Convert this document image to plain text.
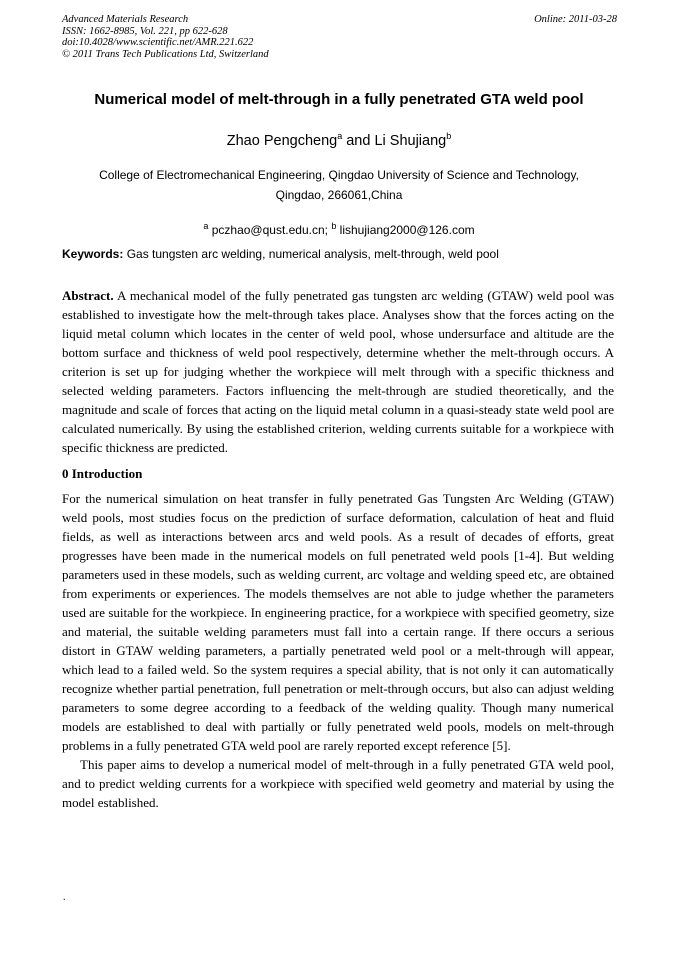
Advanced Materials Research
ISSN: 1662-8985, Vol. 221, pp 622-628
doi:10.4028/www.scientific.net/AMR.221.622
© 2011 Trans Tech Publications Ltd, Switzerland
Online: 2011-03-28
Numerical model of melt-through in a fully penetrated GTA weld pool
Zhao Pengcheng$^a$ and Li Shujiang$^b$
College of Electromechanical Engineering, Qingdao University of Science and Technology,
Qingdao, 266061,China

$^a$ pczhao@qust.edu.cn; $^b$ lishujiang2000@126.com

Keywords: Gas tungsten arc welding, numerical analysis, melt-through, weld pool

Abstract. A mechanical model of the fully penetrated gas tungsten arc welding (GTAW) weld pool was established to investigate how the melt-through takes place. Analyses show that the forces acting on the liquid metal column which locates in the center of weld pool, whose undersurface and altitude are the bottom surface and thickness of weld pool respectively, determine whether the melt-through occurs. A criterion is set up for judging whether the workpiece will melt through with a specific thickness and selected welding parameters. Factors influencing the melt-through are studied theoretically, and the magnitude and scale of forces that acting on the liquid metal column in a quasi-steady state weld pool are calculated numerically. By using the established criterion, welding currents suitable for a workpiece with specific thickness are predicted.

0 Introduction

For the numerical simulation on heat transfer in fully penetrated Gas Tungsten Arc Welding (GTAW) weld pools, most studies focus on the prediction of surface deformation, calculation of heat and fluid fields, as well as interactions between arcs and weld pools. As a result of decades of efforts, great progresses have been made in the numerical models on full penetrated weld pools [1-4]. But welding parameters used in these models, such as welding current, arc voltage and welding speed etc, are obtained from experiments or experiences. The models themselves are not able to judge whether the parameters used are suitable for the workpiece. In engineering practice, for a workpiece with specified geometry, size and material, the suitable welding parameters must fall into a certain range. If there occurs a serious distort in GTAW welding parameters, a partially penetrated weld pool or a melt-through will appear, which lead to a failed weld. So the system requires a special ability, that is not only it can automatically recognize whether partial penetration, full penetration or melt-through occurs, but also can adjust welding parameters to some degree according to a feedback of the welding quality. Though many numerical models are established to deal with partially or fully penetrated weld pools, models on melt-through problems in a fully penetrated GTA weld pool are rarely reported except reference [5].

This paper aims to develop a numerical model of melt-through in a fully penetrated GTA weld pool, and to predict welding currents for a workpiece with specified weld geometry and material by using the model established.

.
